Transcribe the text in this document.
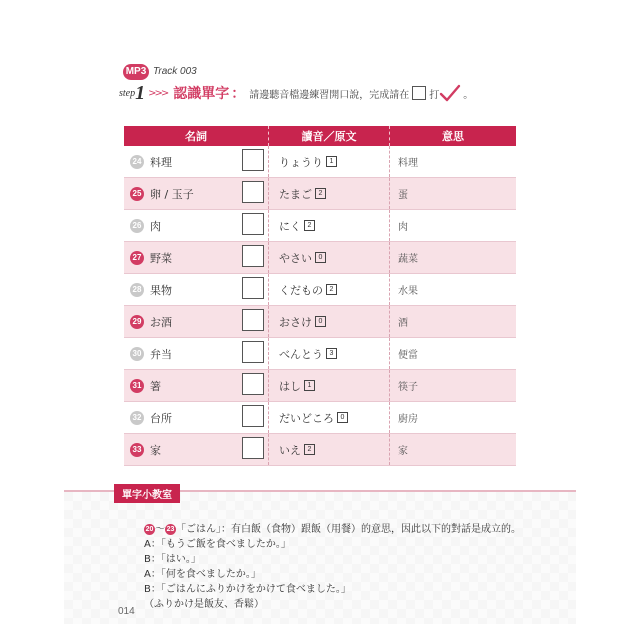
MP3 Track 003
step 1 >>> 認識單字 ： 請邊聽音檔邊練習開口說，完成請在 打 。
名詞	讀音／原文	意思
24 料理	りょうり 1	料理
25 卵 / 玉子	たまご 2	蛋
26 肉	にく 2	肉
27 野菜	やさい 0	蔬菜
28 果物	くだもの 2	水果
29 お酒	おさけ 0	酒
30 弁当	べんとう 3	便當
31 箸	はし 1	筷子
32 台所	だいどころ 0	廚房
33 家	いえ 2	家
單字小教室
20 ～ 23 「ごはん」：有白飯（食物）跟飯（用餐）的意思，因此以下的對話是成立的。
A：「もうご飯を食べましたか。」
B：「はい。」
A：「何を食べましたか。」
B：「ごはんにふりかけをかけて食べました。」
（ふりかけ是飯友、香鬆）
014
